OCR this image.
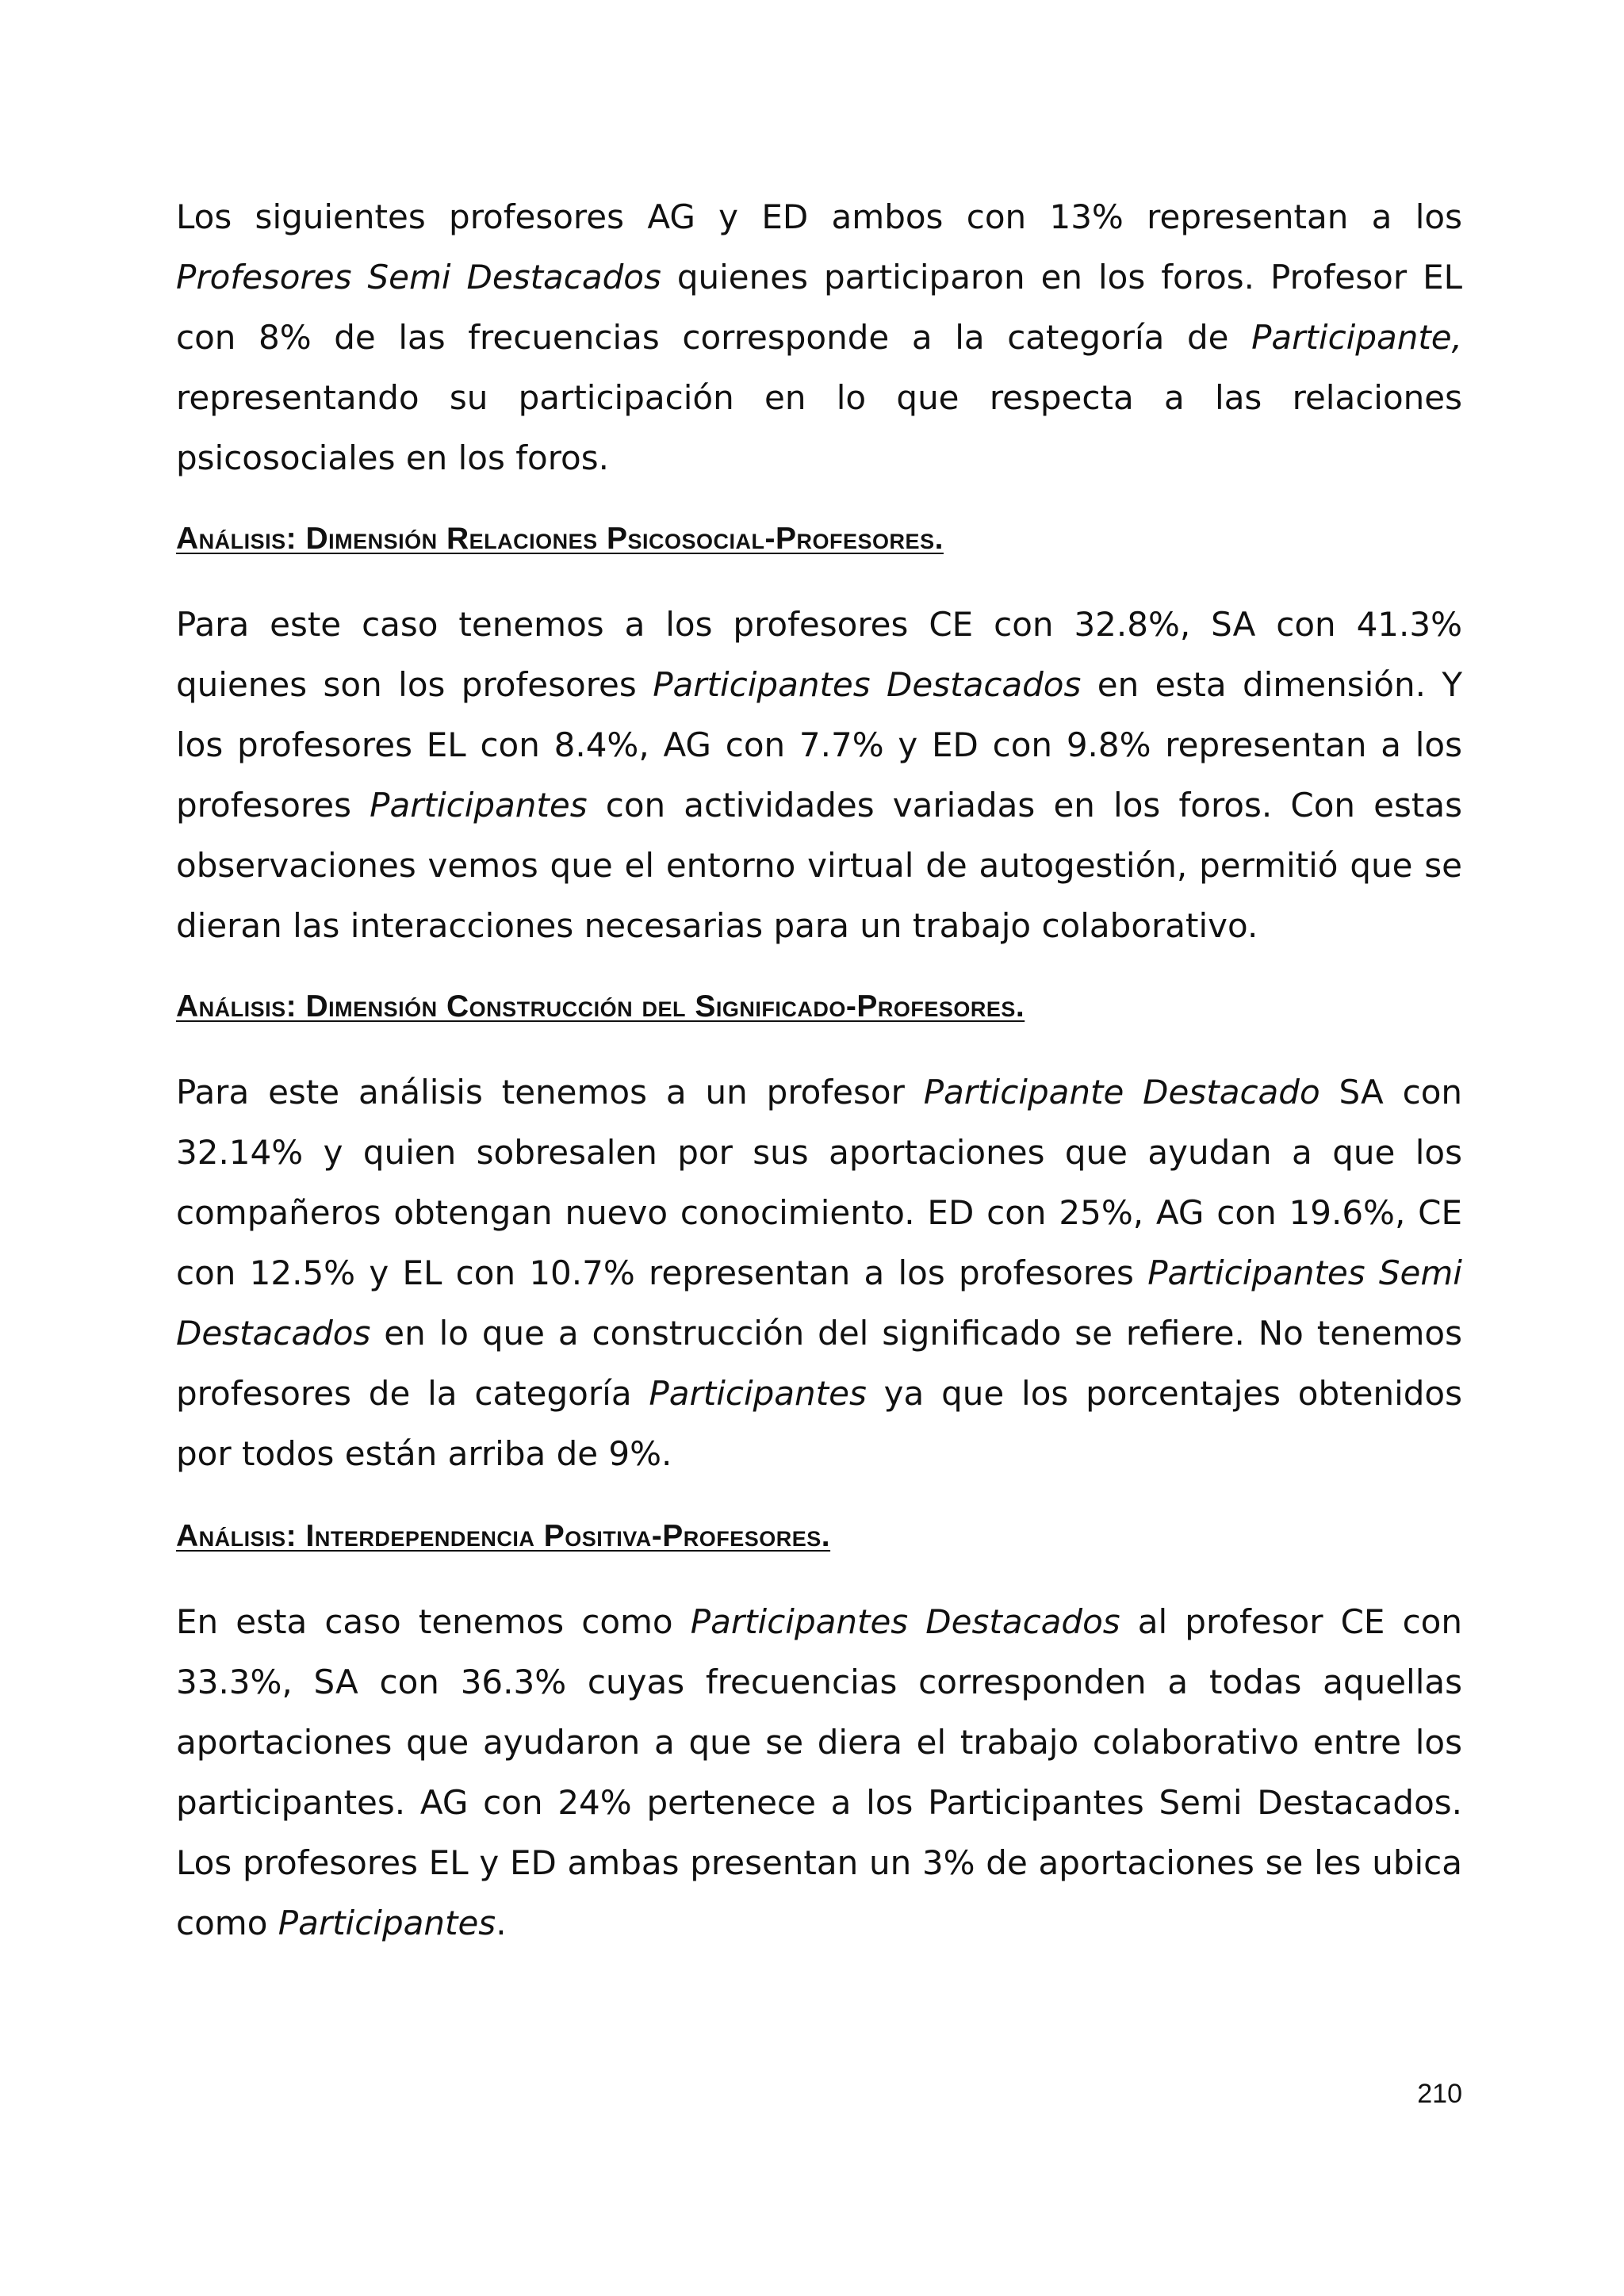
Los siguientes profesores AG y ED ambos con 13% representan a los Profesores Semi Destacados quienes participaron en los foros. Profesor EL con 8% de las frecuencias corresponde a la categoría de Participante, representando su participación en lo que respecta a las relaciones psicosociales en los foros.

Análisis: Dimensión Relaciones Psicosocial-Profesores.

Para este caso tenemos a los profesores CE con 32.8%, SA con 41.3% quienes son los profesores Participantes Destacados en esta dimensión. Y los profesores EL con 8.4%, AG con 7.7% y ED con 9.8% representan a los profesores Participantes con actividades variadas en los foros. Con estas observaciones vemos que el entorno virtual de autogestión, permitió que se dieran las interacciones necesarias para un trabajo colaborativo.

Análisis: Dimensión Construcción del Significado-Profesores.

Para este análisis tenemos a un profesor Participante Destacado SA con 32.14% y quien sobresalen por sus aportaciones que ayudan a que los compañeros obtengan nuevo conocimiento. ED con 25%, AG con 19.6%, CE con 12.5% y EL con 10.7% representan a los profesores Participantes Semi Destacados en lo que a construcción del significado se refiere. No tenemos profesores de la categoría Participantes ya que los porcentajes obtenidos por todos están arriba de 9%.

Análisis: Interdependencia Positiva-Profesores.

En esta caso tenemos como Participantes Destacados al profesor CE con 33.3%, SA con 36.3% cuyas frecuencias corresponden a todas aquellas aportaciones que ayudaron a que se diera el trabajo colaborativo entre los participantes. AG con 24% pertenece a los Participantes Semi Destacados. Los profesores EL y ED ambas presentan un 3% de aportaciones se les ubica como Participantes.

210
